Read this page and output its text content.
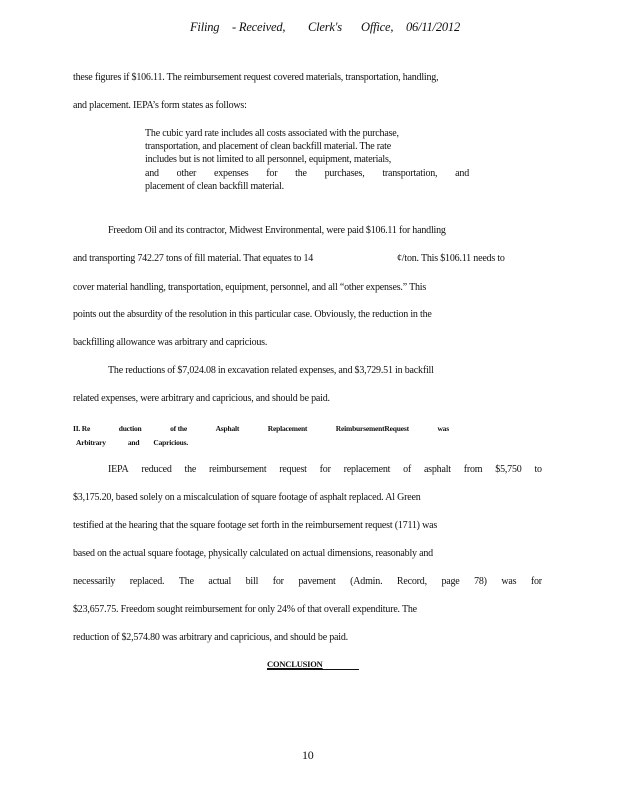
Filing - Received, Clerk's Office, 06/11/2012
these figures if $106.11. The reimbursement request covered materials, transportation, handling,
and placement. IEPA’s form states as follows:
The cubic yard rate includes all costs associated with the purchase,
transportation, and placement of clean backfill material. The rate
includes but is not limited to all personnel, equipment, materials,
and other expenses for the purchases, transportation, and
placement of clean backfill material.
Freedom Oil and its contractor, Midwest Environmental, were paid $106.11 for handling
and transporting 742.27 tons of fill material. That equates to 14	¢/ton. This $106.11 needs to
cover material handling, transportation, equipment, personnel, and all “other expenses.” This
points out the absurdity of the resolution in this particular case. Obviously, the reduction in the
backfilling allowance was arbitrary and capricious.
The reductions of $7,024.08 in excavation related expenses, and $3,729.51 in backfill
related expenses, were arbitrary and capricious, and should be paid.
II. Re	duction	of the	Asphalt	Replacement	ReimbursementRequest	was
Arbitrary	and Capricious.
IEPA reduced the reimbursement request for replacement of asphalt from $5,750 to
$3,175.20, based solely on a miscalculation of square footage of asphalt replaced. Al Green
testified at the hearing that the square footage set forth in the reimbursement request (1711) was
based on the actual square footage, physically calculated on actual dimensions, reasonably and
necessarily replaced. The actual bill for pavement (Admin. Record, page 78) was for
$23,657.75. Freedom sought reimbursement for only 24% of that overall expenditure. The
reduction of $2,574.80 was arbitrary and capricious, and should be paid.
CONCLUSION
10
